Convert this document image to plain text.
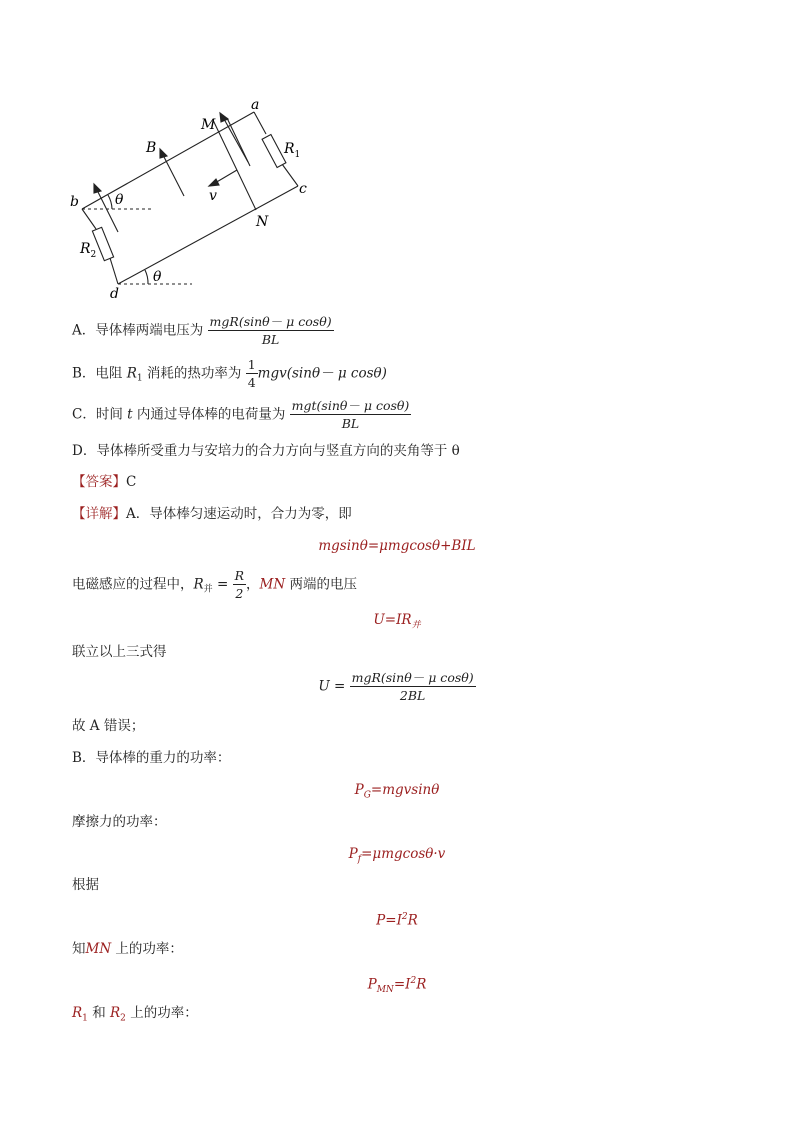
a
M
B
b	θ	v
N
c
$R_1$
$R_2$
d
θ
A．导体棒两端电压为 $\frac{\text{mgR(sinθ－ μ cosθ)}}{BL}$
B．电阻 $R_1$ 消耗的热功率为 $\frac{1}{4} mgv(\sin\theta- \mu$ cosθ)
C．时间 t 内通过导体棒的电荷量为 $\frac{\text{mgt(sinθ－ μ cosθ)}}{BL}$
D．导体棒所受重力与安培力的合力方向与竖直方向的夹角等于 θ
【答案】C
【详解】A．导体棒匀速运动时，合力为零，即
mgsinθ=μmgcosθ+BIL
电磁感应的过程中，$R_并 = \frac{R}{2}$ ，MN 两端的电压
$U=IR_并$
联立以上三式得
$U = \frac{\text{mgR(sinθ－ μ cosθ)}}{2BL}$
故 A 错误；
B．导体棒的重力的功率：
$P_G=mgvsin\theta$
摩擦力的功率：
$P_f=\mu mgcos\theta\cdot v$
根据
$P=I^2R$
知MN 上的功率：
$P_{MN}=I^2R$
$R_1$ 和 $R_2$ 上的功率：
